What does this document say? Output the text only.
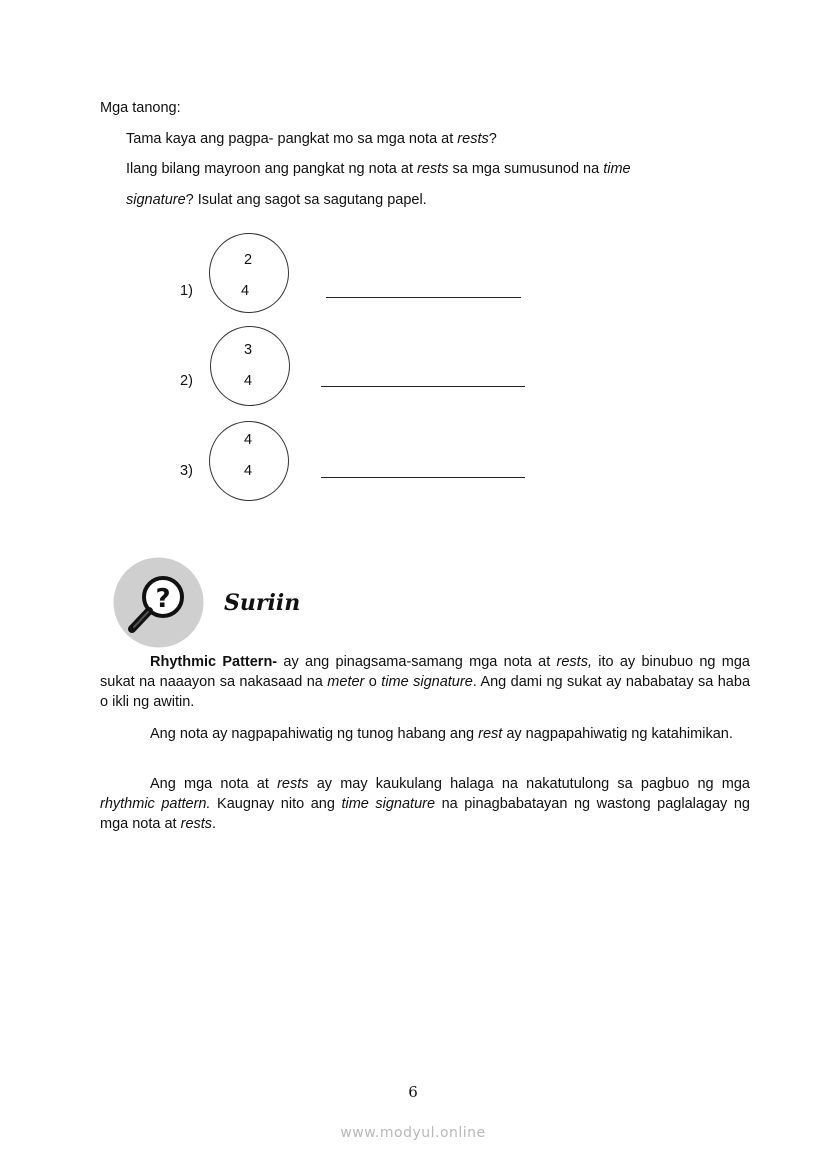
Mga tanong:
Tama kaya ang pagpa- pangkat mo sa mga nota at rests?
Ilang bilang mayroon ang pangkat ng nota at rests sa mga sumusunod na time
signature? Isulat ang sagot sa sagutang papel.
1)
2
4
2)
3
4
3)
4
4
? Suriin
Rhythmic Pattern- ay ang pinagsama-samang mga nota at rests, ito ay binubuo ng mga sukat na naaayon sa nakasaad na meter o time signature. Ang dami ng sukat ay nababatay sa haba o ikli ng awitin.
Ang nota ay nagpapahiwatig ng tunog habang ang rest ay nagpapahiwatig ng katahimikan.
Ang mga nota at rests ay may kaukulang halaga na nakatutulong sa pagbuo ng mga rhythmic pattern. Kaugnay nito ang time signature na pinagbabatayan ng wastong paglalagay ng mga nota at rests.
6
www.modyul.online
